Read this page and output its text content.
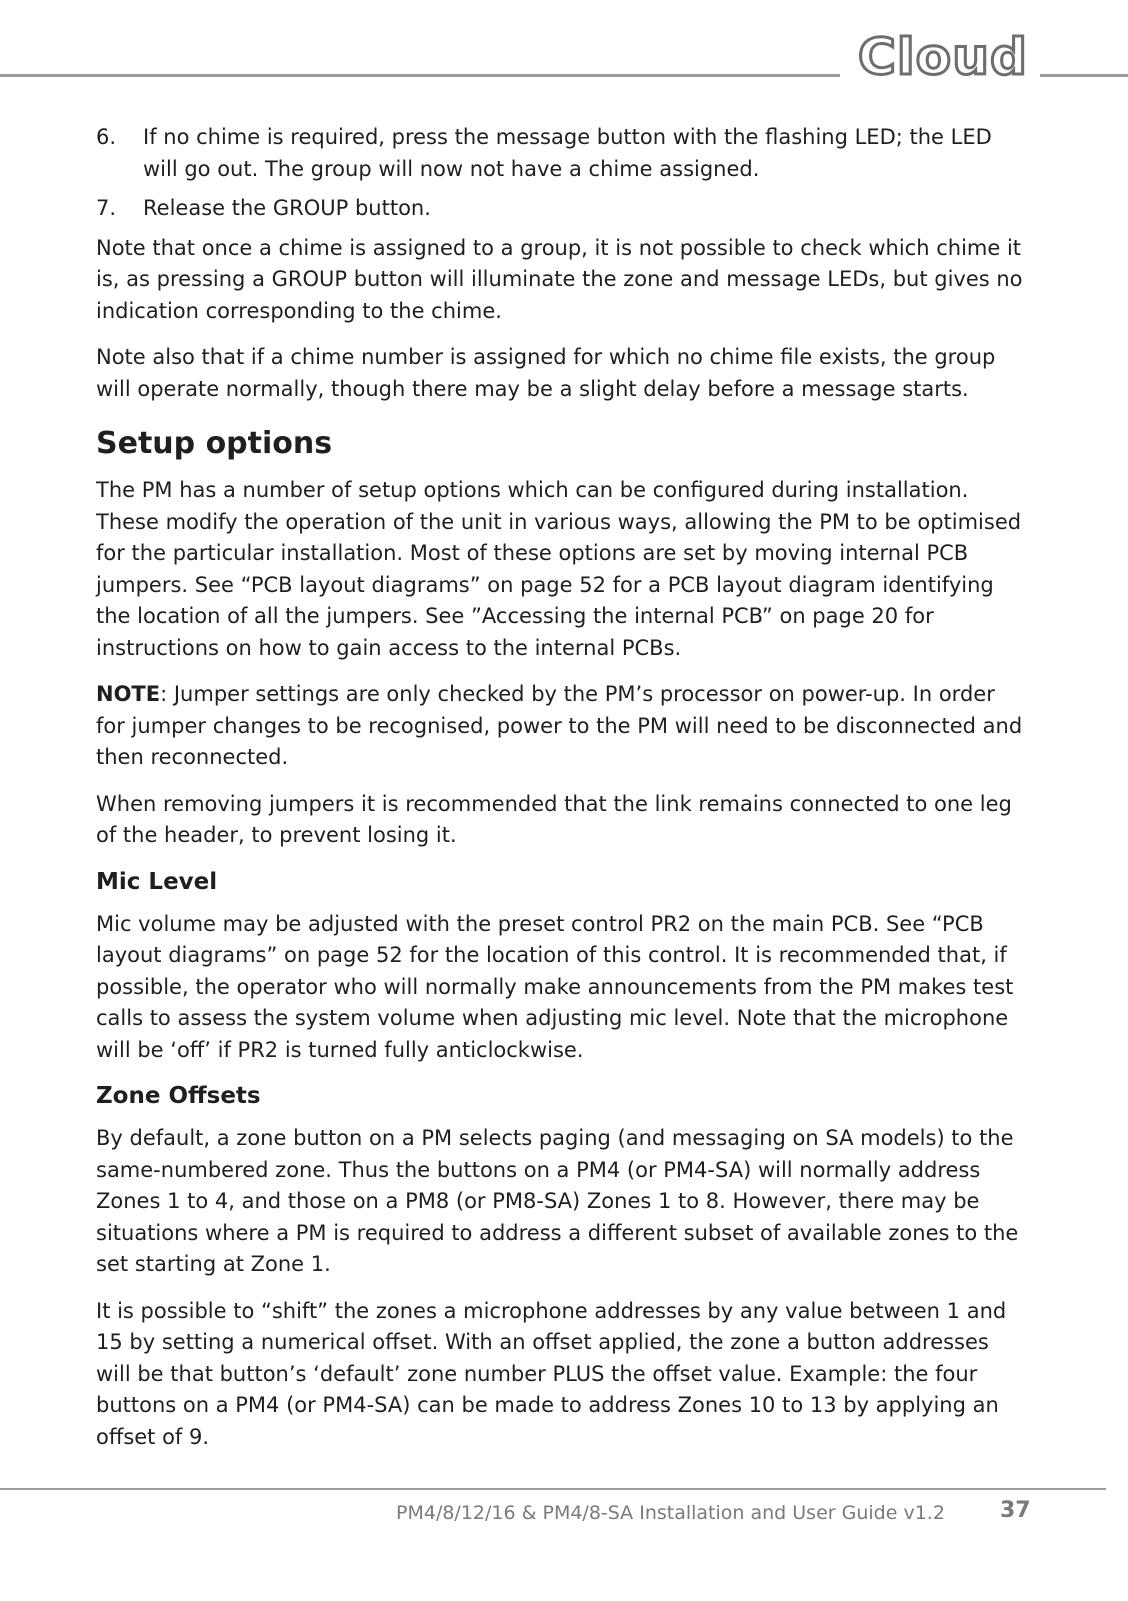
Cloud
6.	If no chime is required, press the message button with the flashing LED; the LED will go out. The group will now not have a chime assigned.
7.	Release the GROUP button.

Note that once a chime is assigned to a group, it is not possible to check which chime it is, as pressing a GROUP button will illuminate the zone and message LEDs, but gives no indication corresponding to the chime.

Note also that if a chime number is assigned for which no chime file exists, the group will operate normally, though there may be a slight delay before a message starts.

Setup options

The PM has a number of setup options which can be configured during installation. These modify the operation of the unit in various ways, allowing the PM to be optimised for the particular installation. Most of these options are set by moving internal PCB jumpers. See “PCB layout diagrams” on page 52 for a PCB layout diagram identifying the location of all the jumpers. See ”Accessing the internal PCB” on page 20 for instructions on how to gain access to the internal PCBs.

NOTE: Jumper settings are only checked by the PM’s processor on power-up. In order for jumper changes to be recognised, power to the PM will need to be disconnected and then reconnected.

When removing jumpers it is recommended that the link remains connected to one leg of the header, to prevent losing it.

Mic Level

Mic volume may be adjusted with the preset control PR2 on the main PCB. See “PCB layout diagrams” on page 52 for the location of this control. It is recommended that, if possible, the operator who will normally make announcements from the PM makes test calls to assess the system volume when adjusting mic level. Note that the microphone will be ‘off’ if PR2 is turned fully anticlockwise.

Zone Offsets

By default, a zone button on a PM selects paging (and messaging on SA models) to the same-numbered zone. Thus the buttons on a PM4 (or PM4-SA) will normally address Zones 1 to 4, and those on a PM8 (or PM8-SA) Zones 1 to 8. However, there may be situations where a PM is required to address a different subset of available zones to the set starting at Zone 1.

It is possible to “shift” the zones a microphone addresses by any value between 1 and 15 by setting a numerical offset. With an offset applied, the zone a button addresses will be that button’s ‘default’ zone number PLUS the offset value. Example: the four buttons on a PM4 (or PM4-SA) can be made to address Zones 10 to 13 by applying an offset of 9.

PM4/8/12/16 & PM4/8-SA Installation and User Guide v1.2	37
